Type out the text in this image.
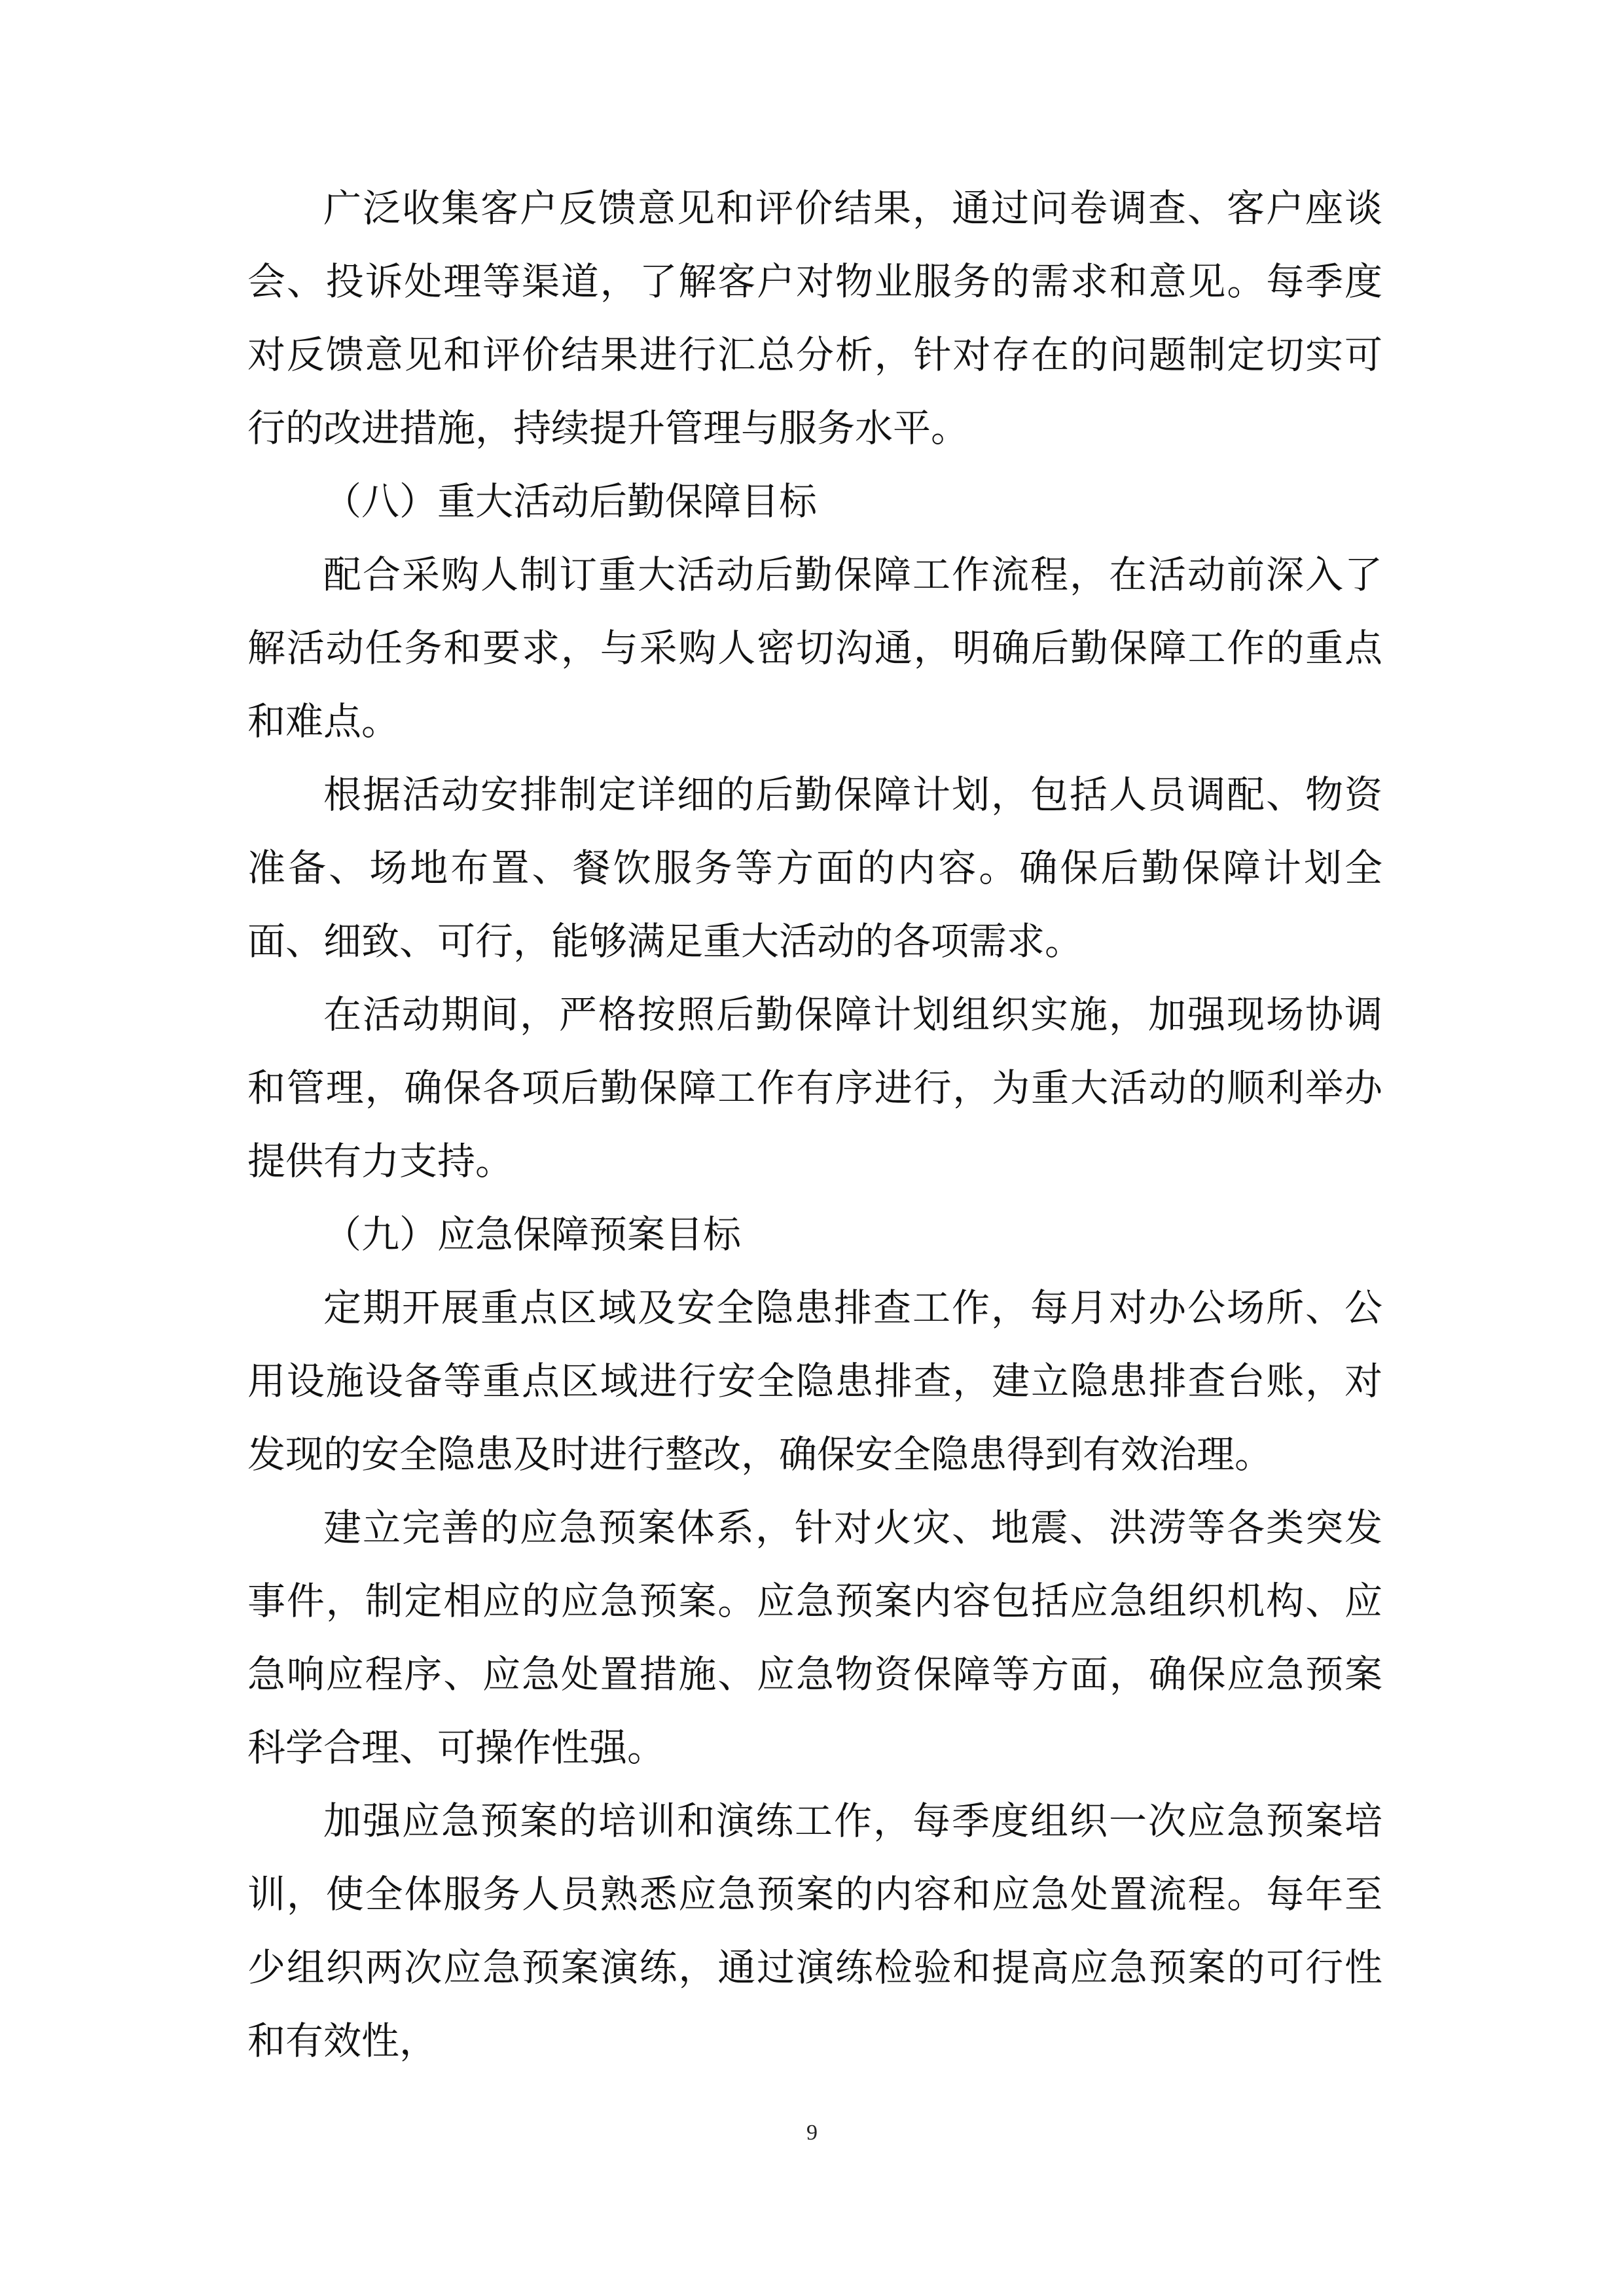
广泛收集客户反馈意见和评价结果，通过问卷调查、客户座谈会、投诉处理等渠道，了解客户对物业服务的需求和意见。每季度对反馈意见和评价结果进行汇总分析，针对存在的问题制定切实可行的改进措施，持续提升管理与服务水平。

（八）重大活动后勤保障目标

配合采购人制订重大活动后勤保障工作流程，在活动前深入了解活动任务和要求，与采购人密切沟通，明确后勤保障工作的重点和难点。

根据活动安排制定详细的后勤保障计划，包括人员调配、物资准备、场地布置、餐饮服务等方面的内容。确保后勤保障计划全面、细致、可行，能够满足重大活动的各项需求。

在活动期间，严格按照后勤保障计划组织实施，加强现场协调和管理，确保各项后勤保障工作有序进行，为重大活动的顺利举办提供有力支持。

（九）应急保障预案目标

定期开展重点区域及安全隐患排查工作，每月对办公场所、公用设施设备等重点区域进行安全隐患排查，建立隐患排查台账，对发现的安全隐患及时进行整改，确保安全隐患得到有效治理。

建立完善的应急预案体系，针对火灾、地震、洪涝等各类突发事件，制定相应的应急预案。应急预案内容包括应急组织机构、应急响应程序、应急处置措施、应急物资保障等方面，确保应急预案科学合理、可操作性强。

加强应急预案的培训和演练工作，每季度组织一次应急预案培训，使全体服务人员熟悉应急预案的内容和应急处置流程。每年至少组织两次应急预案演练，通过演练检验和提高应急预案的可行性和有效性，

9
